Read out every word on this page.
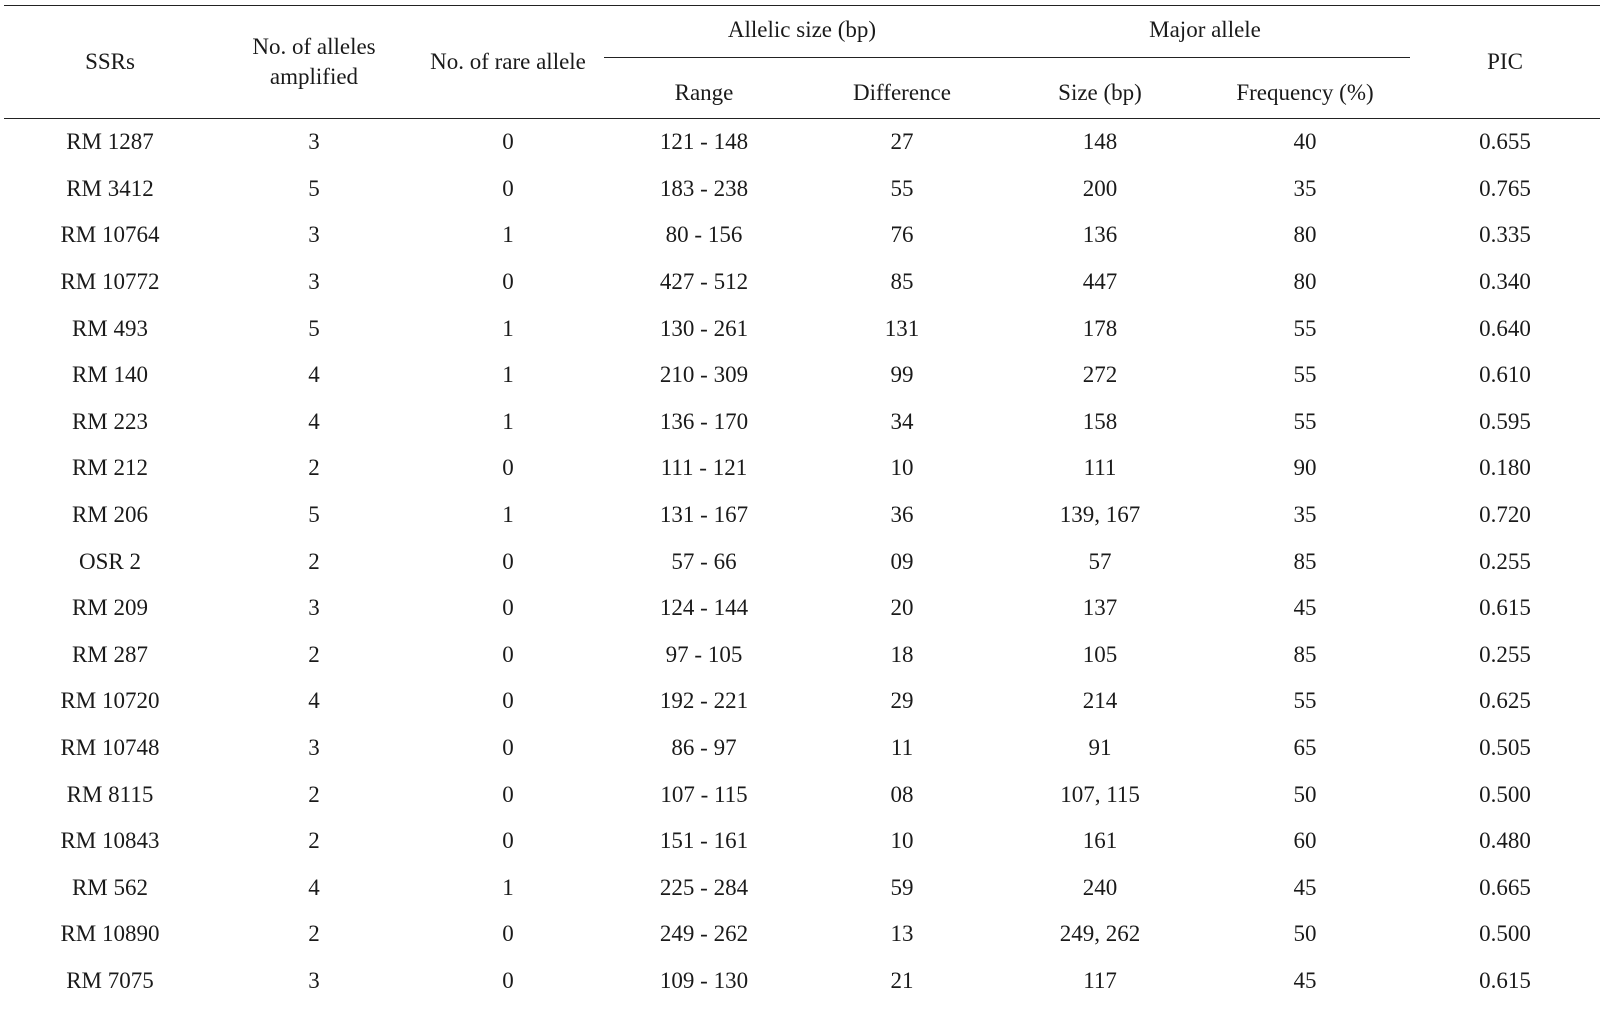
SSRs	No. of alleles amplified	No. of rare allele	Allelic size (bp)		Major allele		PIC
			Range	Difference	Size (bp)	Frequency (%)	
RM 1287	3	0	121 - 148	27	148	40	0.655
RM 3412	5	0	183 - 238	55	200	35	0.765
RM 10764	3	1	80 - 156	76	136	80	0.335
RM 10772	3	0	427 - 512	85	447	80	0.340
RM 493	5	1	130 - 261	131	178	55	0.640
RM 140	4	1	210 - 309	99	272	55	0.610
RM 223	4	1	136 - 170	34	158	55	0.595
RM 212	2	0	111 - 121	10	111	90	0.180
RM 206	5	1	131 - 167	36	139, 167	35	0.720
OSR 2	2	0	57 - 66	09	57	85	0.255
RM 209	3	0	124 - 144	20	137	45	0.615
RM 287	2	0	97 - 105	18	105	85	0.255
RM 10720	4	0	192 - 221	29	214	55	0.625
RM 10748	3	0	86 - 97	11	91	65	0.505
RM 8115	2	0	107 - 115	08	107, 115	50	0.500
RM 10843	2	0	151 - 161	10	161	60	0.480
RM 562	4	1	225 - 284	59	240	45	0.665
RM 10890	2	0	249 - 262	13	249, 262	50	0.500
RM 7075	3	0	109 - 130	21	117	45	0.615
